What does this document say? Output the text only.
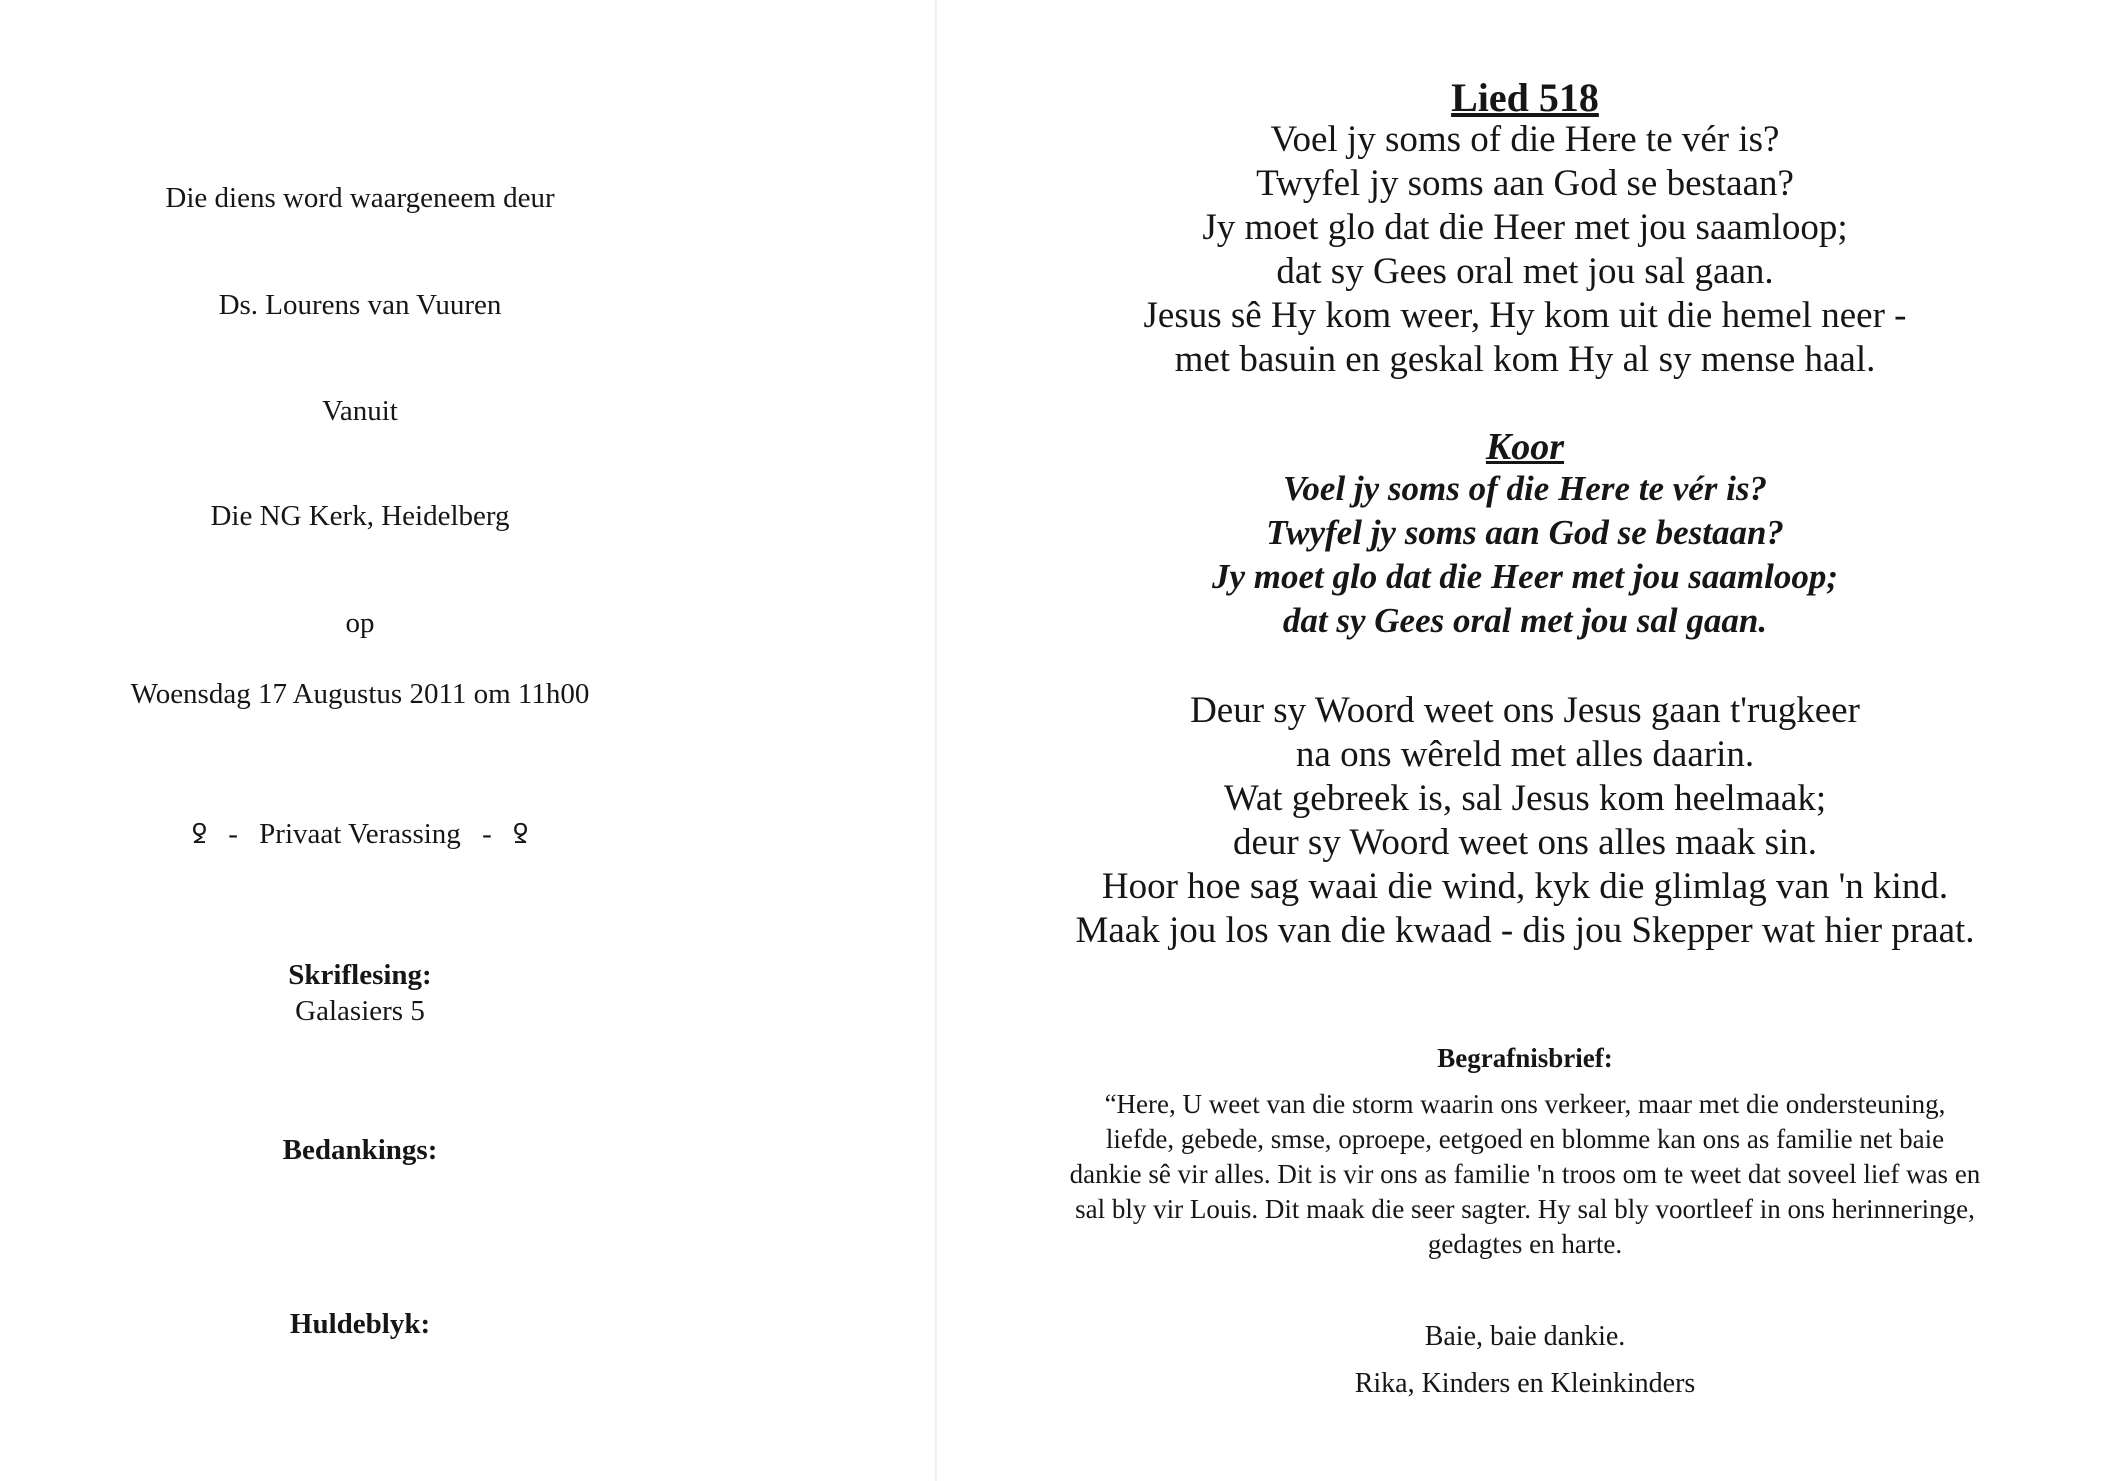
Die diens word waargeneem deur
Ds. Lourens van Vuuren
Vanuit
Die NG Kerk, Heidelberg
op
Woensdag 17 Augustus 2011 om 11h00
ꝿ - Privaat Verassing - ꝿ
Skriflesing:
Galasiers 5
Bedankings:
Huldeblyk:
Lied 518
Voel jy soms of die Here te vér is?
Twyfel jy soms aan God se bestaan?
Jy moet glo dat die Heer met jou saamloop;
dat sy Gees oral met jou sal gaan.
Jesus sê Hy kom weer, Hy kom uit die hemel neer -
met basuin en geskal kom Hy al sy mense haal.
Koor
Voel jy soms of die Here te vér is?
Twyfel jy soms aan God se bestaan?
Jy moet glo dat die Heer met jou saamloop;
dat sy Gees oral met jou sal gaan.
Deur sy Woord weet ons Jesus gaan t'rugkeer
na ons wêreld met alles daarin.
Wat gebreek is, sal Jesus kom heelmaak;
deur sy Woord weet ons alles maak sin.
Hoor hoe sag waai die wind, kyk die glimlag van 'n kind.
Maak jou los van die kwaad - dis jou Skepper wat hier praat.
Begrafnisbrief:
“Here, U weet van die storm waarin ons verkeer, maar met die ondersteuning,
liefde, gebede, smse, oproepe, eetgoed en blomme kan ons as familie net baie
dankie sê vir alles. Dit is vir ons as familie 'n troos om te weet dat soveel lief was en
sal bly vir Louis. Dit maak die seer sagter. Hy sal bly voortleef in ons herinneringe,
gedagtes en harte.
Baie, baie dankie.
Rika, Kinders en Kleinkinders
